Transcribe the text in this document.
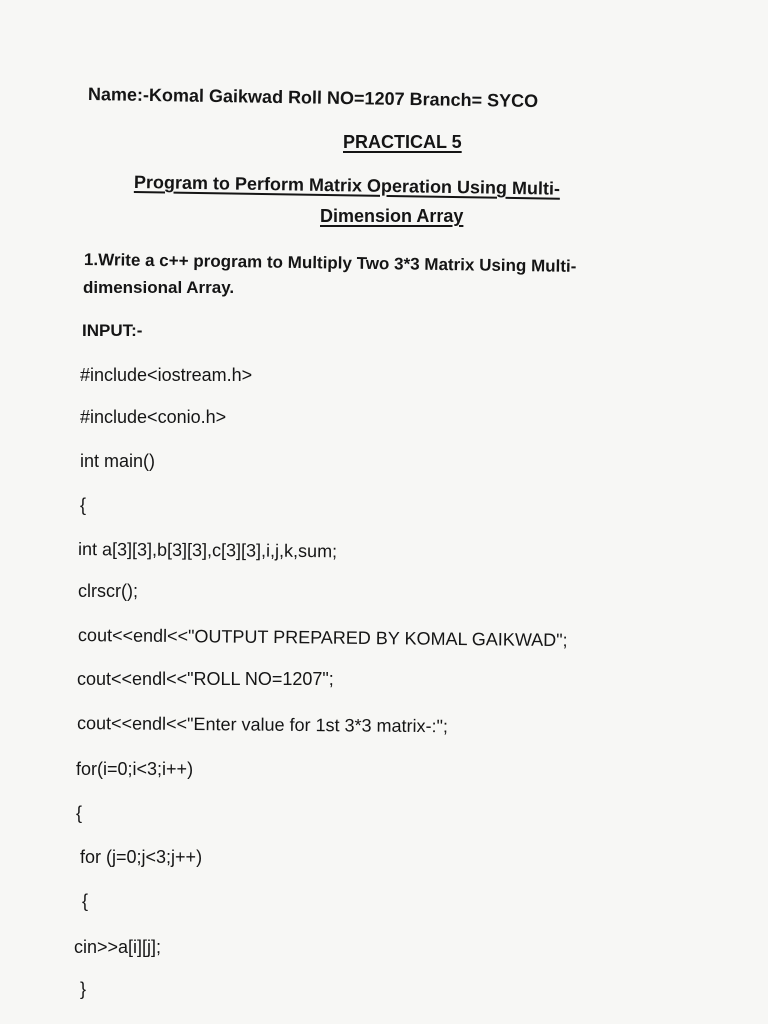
Name:-Komal Gaikwad Roll NO=1207 Branch= SYCO
PRACTICAL 5
Program to Perform Matrix Operation Using Multi-
Dimension Array
1.Write a c++ program to Multiply Two 3*3 Matrix Using Multi-
dimensional Array.
INPUT:-
#include<iostream.h>
#include<conio.h>
int main()
{
int a[3][3],b[3][3],c[3][3],i,j,k,sum;
clrscr();
cout<<endl<<"OUTPUT PREPARED BY KOMAL GAIKWAD";
cout<<endl<<"ROLL NO=1207";
cout<<endl<<"Enter value for 1st 3*3 matrix-:";
for(i=0;i<3;i++)
{
for (j=0;j<3;j++)
{
cin>>a[i][j];
}
